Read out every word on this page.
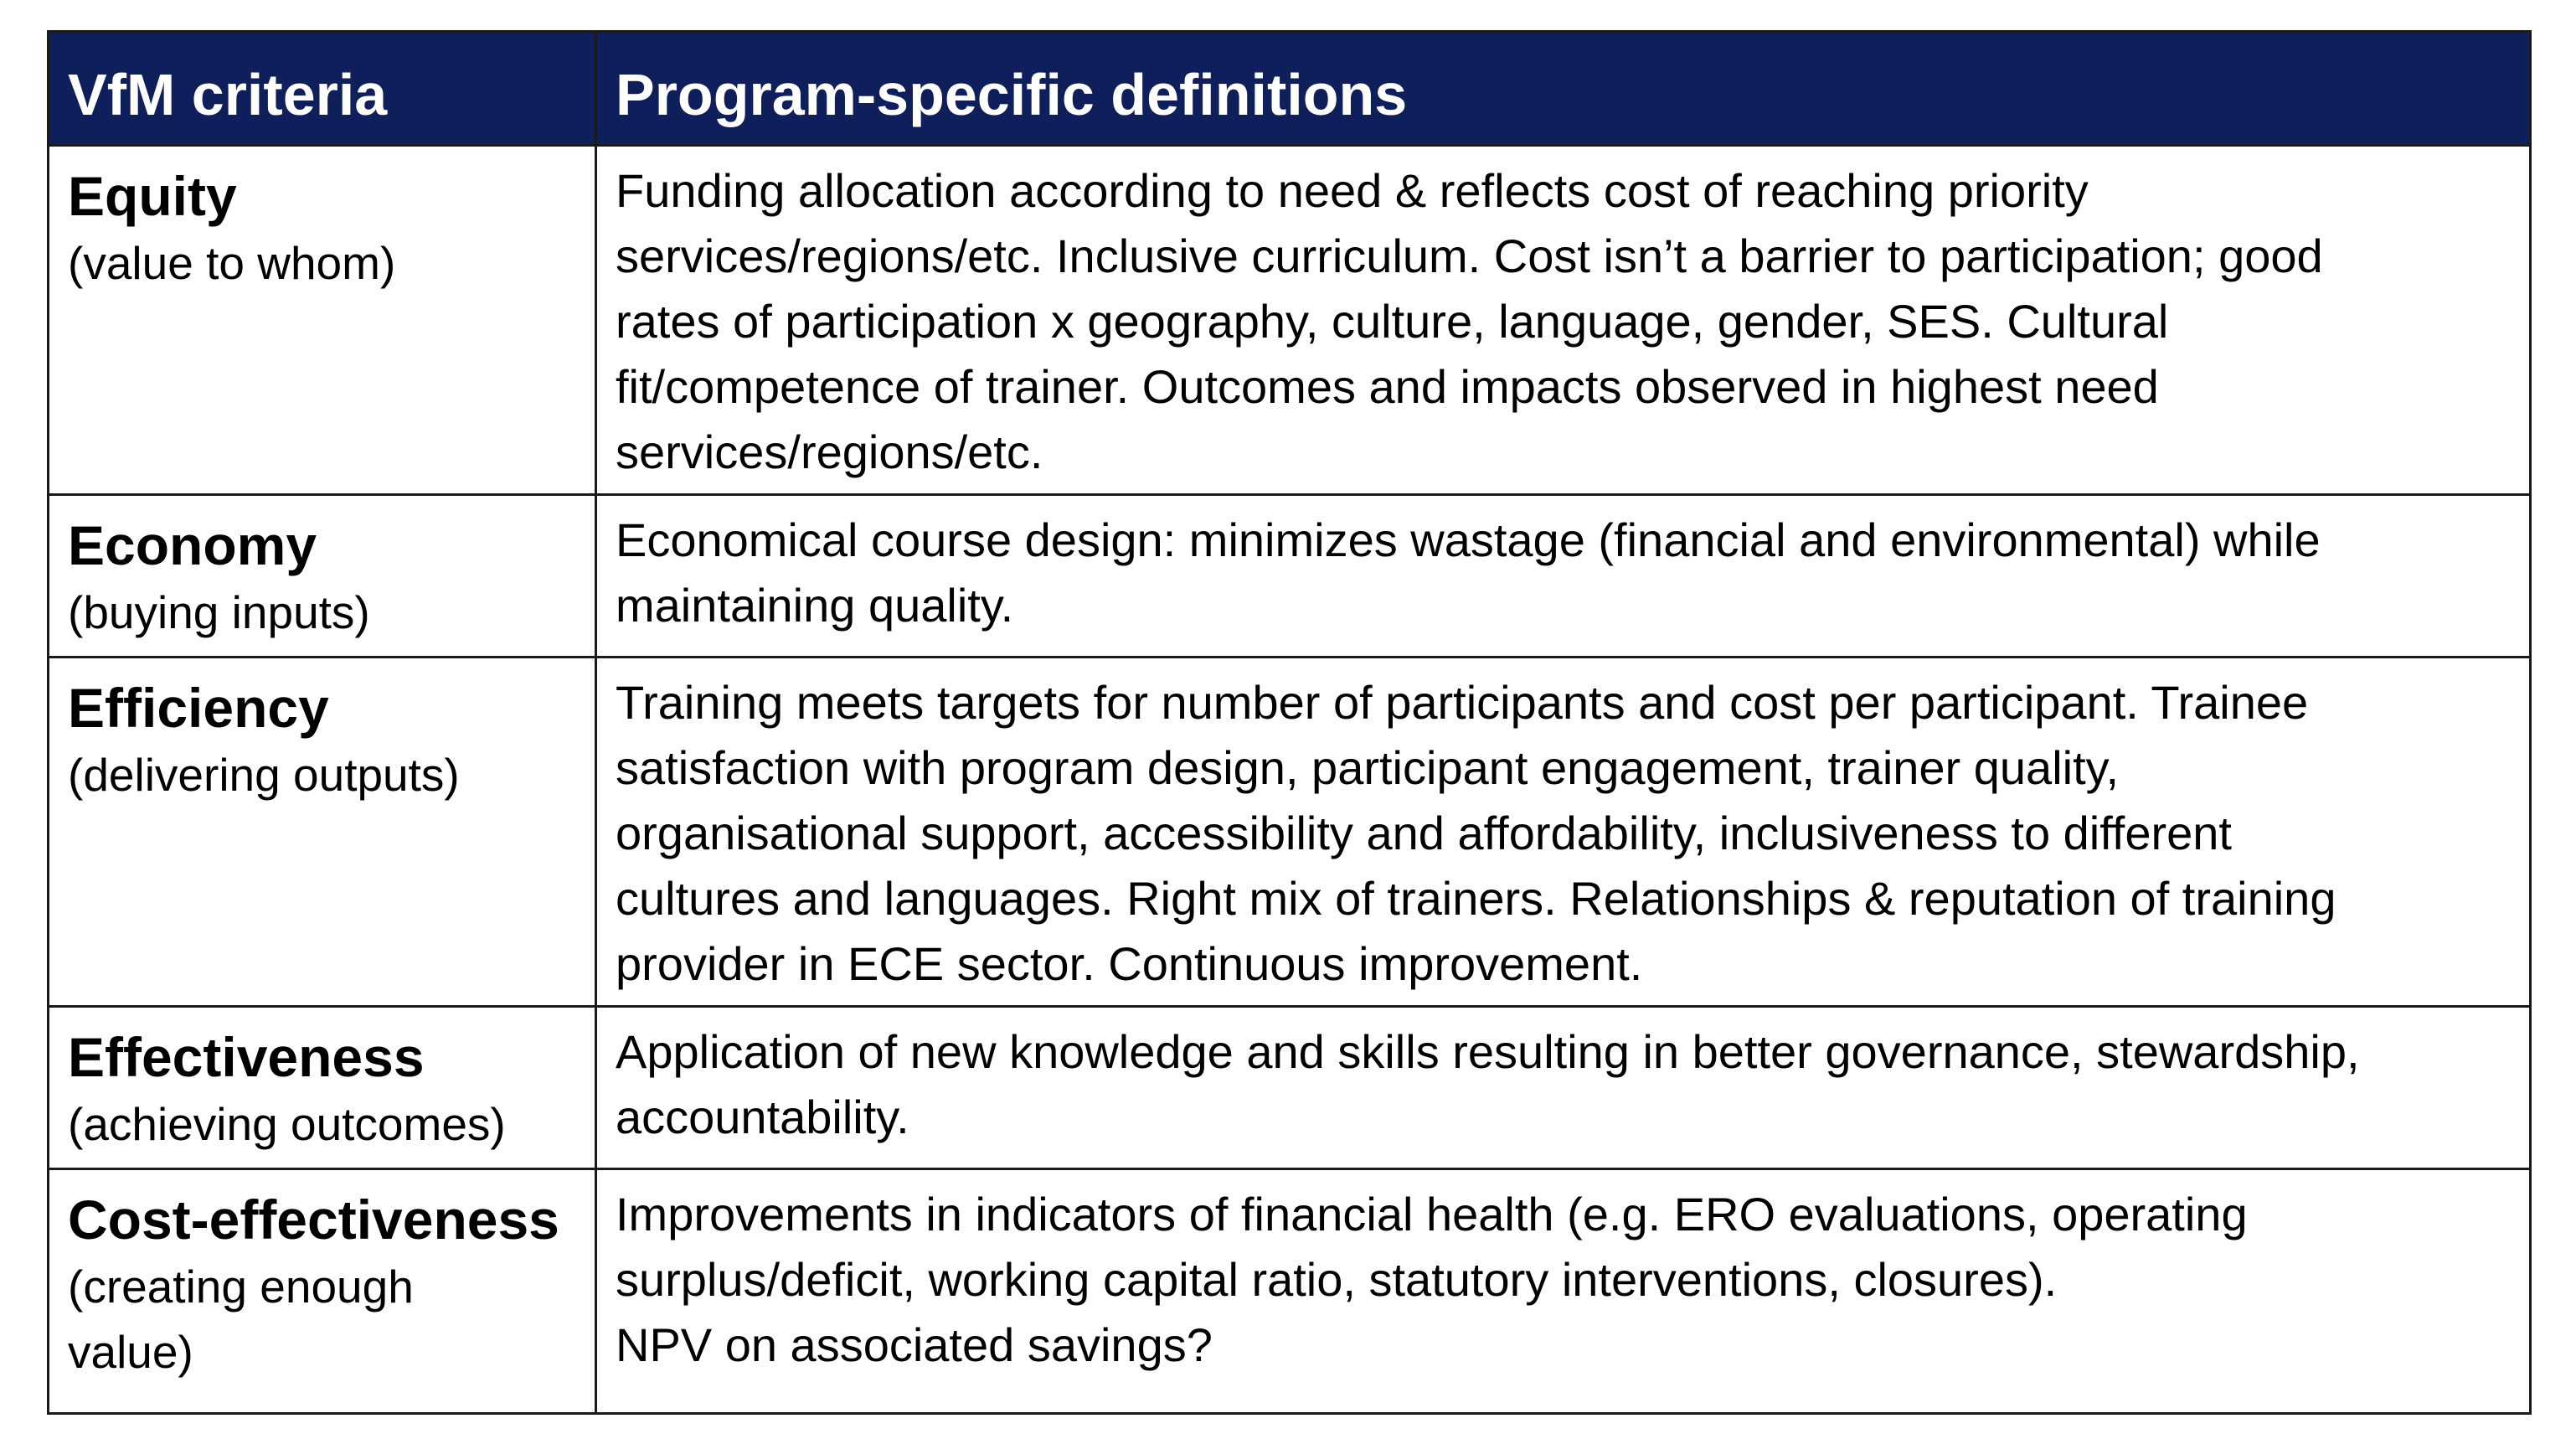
VfM criteria	Program-specific definitions

Equity
(value to whom)	Funding allocation according to need & reflects cost of reaching priority
services/regions/etc. Inclusive curriculum. Cost isn’t a barrier to participation; good
rates of participation x geography, culture, language, gender, SES. Cultural
fit/competence of trainer. Outcomes and impacts observed in highest need
services/regions/etc.

Economy
(buying inputs)	Economical course design: minimizes wastage (financial and environmental) while
maintaining quality.

Efficiency
(delivering outputs)	Training meets targets for number of participants and cost per participant. Trainee
satisfaction with program design, participant engagement, trainer quality,
organisational support, accessibility and affordability, inclusiveness to different
cultures and languages. Right mix of trainers. Relationships & reputation of training
provider in ECE sector. Continuous improvement.

Effectiveness
(achieving outcomes)	Application of new knowledge and skills resulting in better governance, stewardship,
accountability.

Cost-effectiveness
(creating enough
value)	Improvements in indicators of financial health (e.g. ERO evaluations, operating
surplus/deficit, working capital ratio, statutory interventions, closures).
NPV on associated savings?
